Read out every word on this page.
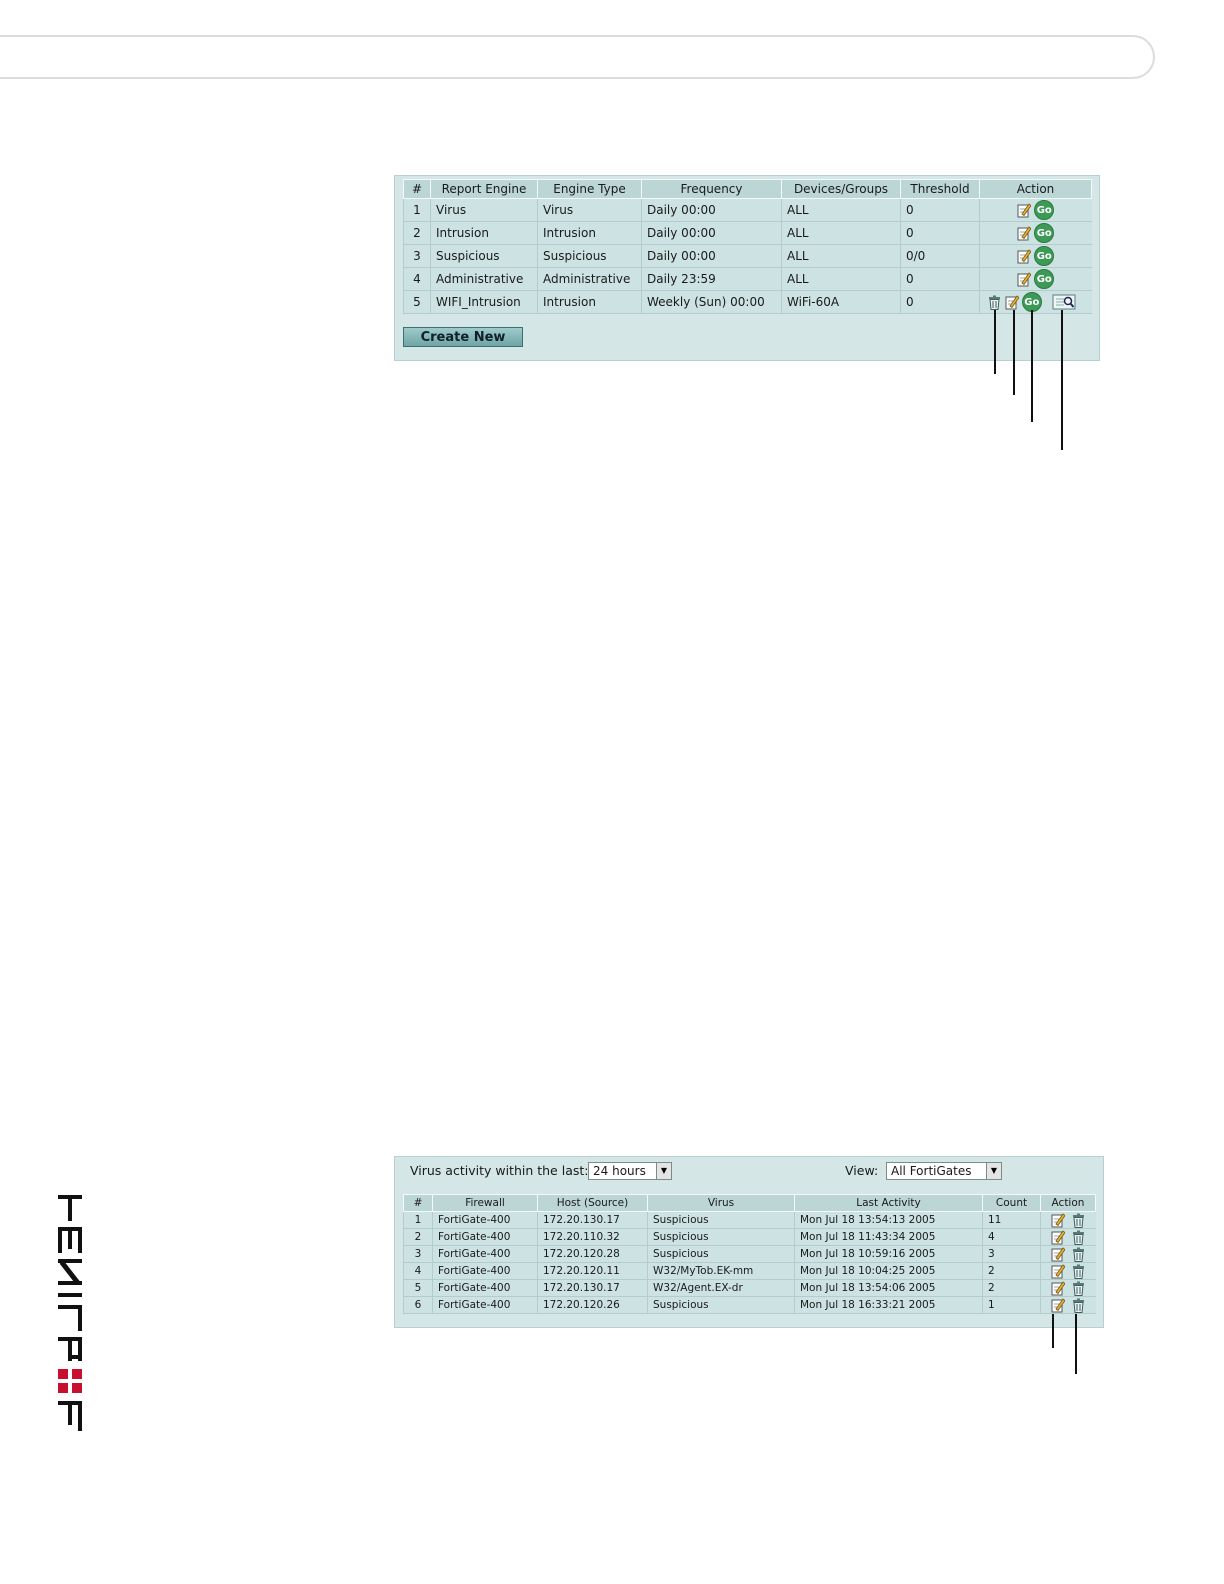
#	Report Engine	Engine Type	Frequency	Devices/Groups	Threshold	Action
1	Virus	Virus	Daily 00:00	ALL	0	Go
2	Intrusion	Intrusion	Daily 00:00	ALL	0	Go
3	Suspicious	Suspicious	Daily 00:00	ALL	0/0	Go
4	Administrative	Administrative	Daily 23:59	ALL	0	Go
5	WIFI_Intrusion	Intrusion	Weekly (Sun) 00:00	WiFi-60A	0	Go
Create New
Virus activity within the last: 24 hours	▼	View:	All FortiGates	▼
#	Firewall	Host (Source)	Virus	Last Activity	Count	Action
1	FortiGate-400	172.20.130.17	Suspicious	Mon Jul 18 13:54:13 2005	11	
2	FortiGate-400	172.20.110.32	Suspicious	Mon Jul 18 11:43:34 2005	4	
3	FortiGate-400	172.20.120.28	Suspicious	Mon Jul 18 10:59:16 2005	3	
4	FortiGate-400	172.20.120.11	W32/MyTob.EK-mm	Mon Jul 18 10:04:25 2005	2	
5	FortiGate-400	172.20.130.17	W32/Agent.EX-dr	Mon Jul 18 13:54:06 2005	2	
6	FortiGate-400	172.20.120.26	Suspicious	Mon Jul 18 16:33:21 2005	1	
